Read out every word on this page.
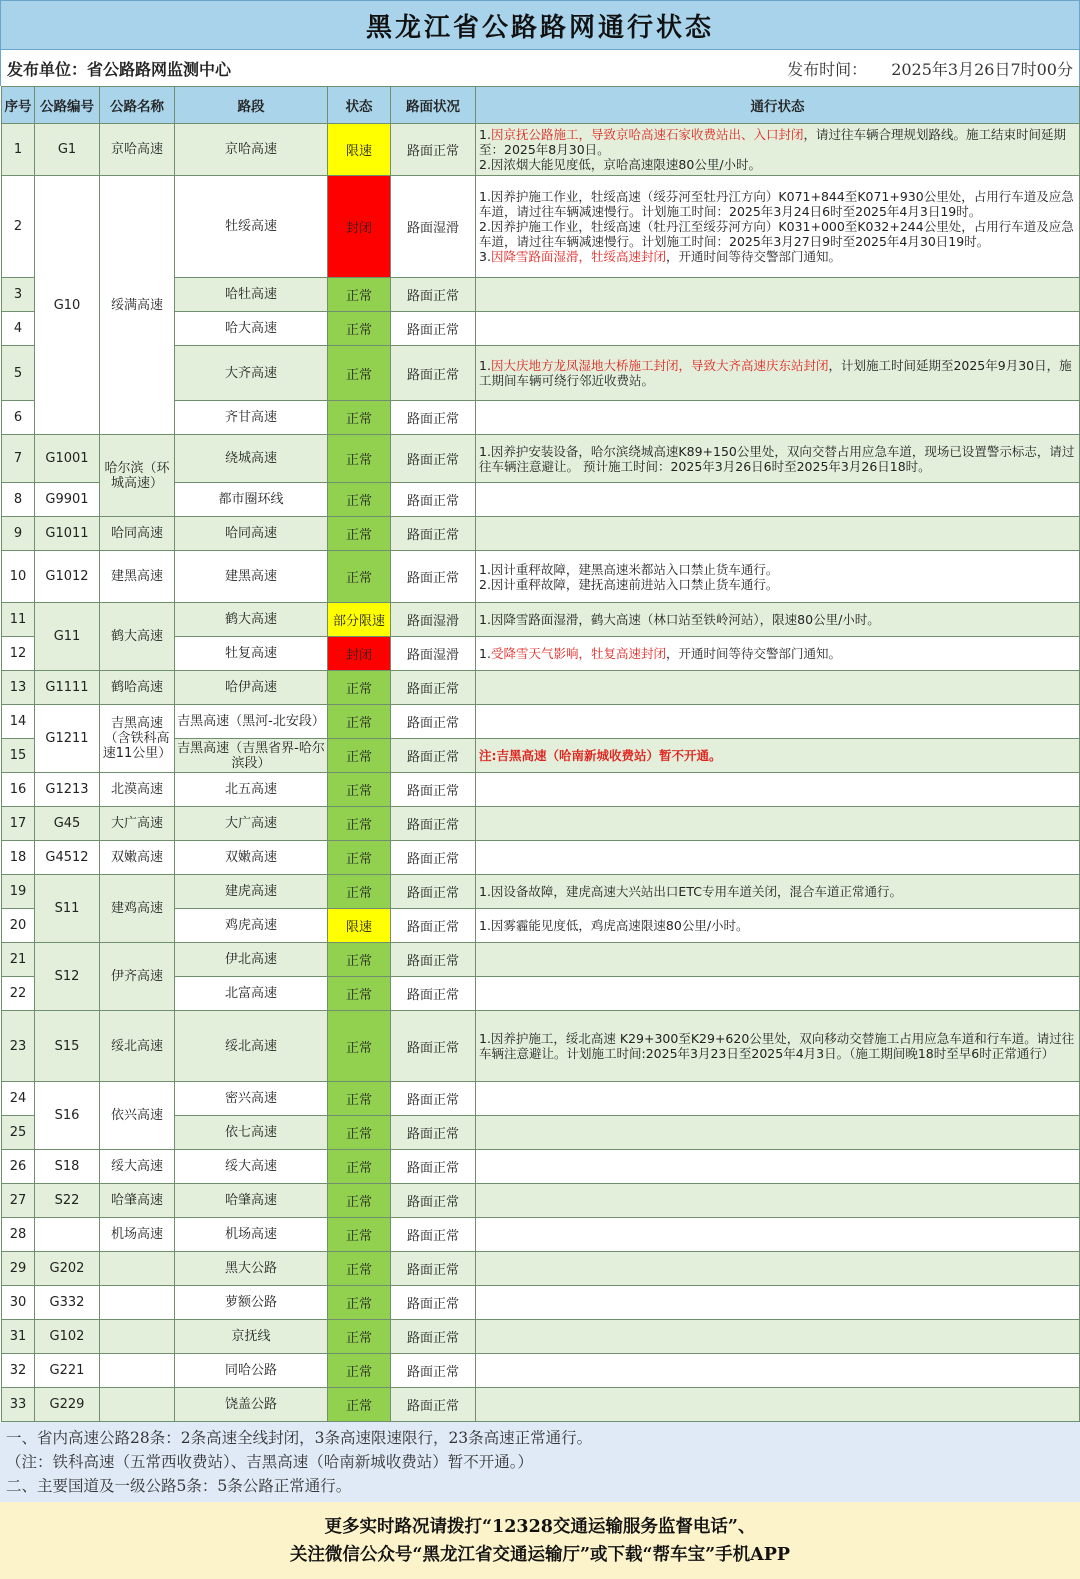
黑龙江省公路路网通行状态
发布单位：省公路路网监测中心	发布时间： 2025年3月26日7时00分
序号	公路编号	公路名称	路段	状态	路面状况	通行状态
1	G1	京哈高速	京哈高速	限速	路面正常	1.因京抚公路施工，导致京哈高速石家收费站出、入口封闭，请过往车辆合理规划路线。施工结束时间延期至：2025年8月30日。
2.因浓烟大能见度低，京哈高速限速80公里/小时。
2	G10	绥满高速	牡绥高速	封闭	路面湿滑	1.因养护施工作业，牡绥高速（绥芬河至牡丹江方向）K071+844至K071+930公里处，占用行车道及应急车道，请过往车辆减速慢行。计划施工时间：2025年3月24日6时至2025年4月3日19时。
2.因养护施工作业，牡绥高速（牡丹江至绥芬河方向）K031+000至K032+244公里处，占用行车道及应急车道，请过往车辆减速慢行。计划施工时间：2025年3月27日9时至2025年4月30日19时。
3.因降雪路面湿滑，牡绥高速封闭，开通时间等待交警部门通知。
3			哈牡高速	正常	路面正常	
4			哈大高速	正常	路面正常	
5			大齐高速	正常	路面正常	1.因大庆地方龙凤湿地大桥施工封闭，导致大齐高速庆东站封闭，计划施工时间延期至2025年9月30日，施工期间车辆可绕行邻近收费站。
6			齐甘高速	正常	路面正常	
7	G1001	哈尔滨（环城高速）	绕城高速	正常	路面正常	1.因养护安装设备，哈尔滨绕城高速K89+150公里处，双向交替占用应急车道，现场已设置警示标志，请过往车辆注意避让。 预计施工时间：2025年3月26日6时至2025年3月26日18时。
8	G9901		都市圈环线	正常	路面正常	
9	G1011	哈同高速	哈同高速	正常	路面正常	
10	G1012	建黑高速	建黑高速	正常	路面正常	1.因计重秤故障，建黑高速米都站入口禁止货车通行。
2.因计重秤故障，建抚高速前进站入口禁止货车通行。
11	G11	鹤大高速	鹤大高速	部分限速	路面湿滑	1.因降雪路面湿滑，鹤大高速（林口站至铁岭河站），限速80公里/小时。
12			牡复高速	封闭	路面湿滑	1.受降雪天气影响，牡复高速封闭，开通时间等待交警部门通知。
13	G1111	鹤哈高速	哈伊高速	正常	路面正常	
14	G1211	吉黑高速（含铁科高速11公里）	吉黑高速（黑河-北安段）	正常	路面正常	
15			吉黑高速（吉黑省界-哈尔滨段）	正常	路面正常	注:吉黑高速（哈南新城收费站）暂不开通。
16	G1213	北漠高速	北五高速	正常	路面正常	
17	G45	大广高速	大广高速	正常	路面正常	
18	G4512	双嫩高速	双嫩高速	正常	路面正常	
19	S11	建鸡高速	建虎高速	正常	路面正常	1.因设备故障，建虎高速大兴站出口ETC专用车道关闭，混合车道正常通行。
20			鸡虎高速	限速	路面正常	1.因雾霾能见度低，鸡虎高速限速80公里/小时。
21	S12	伊齐高速	伊北高速	正常	路面正常	
22			北富高速	正常	路面正常	
23	S15	绥北高速	绥北高速	正常	路面正常	1.因养护施工，绥北高速 K29+300至K29+620公里处，双向移动交替施工占用应急车道和行车道。请过往车辆注意避让。计划施工时间:2025年3月23日至2025年4月3日。（施工期间晚18时至早6时正常通行）
24	S16	依兴高速	密兴高速	正常	路面正常	
25			依七高速	正常	路面正常	
26	S18	绥大高速	绥大高速	正常	路面正常	
27	S22	哈肇高速	哈肇高速	正常	路面正常	
28		机场高速	机场高速	正常	路面正常	
29	G202		黑大公路	正常	路面正常	
30	G332		萝额公路	正常	路面正常	
31	G102		京抚线	正常	路面正常	
32	G221		同哈公路	正常	路面正常	
33	G229		饶盖公路	正常	路面正常	

一、省内高速公路28条：2条高速全线封闭，3条高速限速限行，23条高速正常通行。

（注：铁科高速（五常西收费站）、吉黑高速（哈南新城收费站）暂不开通。）

二、主要国道及一级公路5条：5条公路正常通行。

更多实时路况请拨打“12328交通运输服务监督电话”、
关注微信公众号“黑龙江省交通运输厅”或下载“帮车宝”手机APP
